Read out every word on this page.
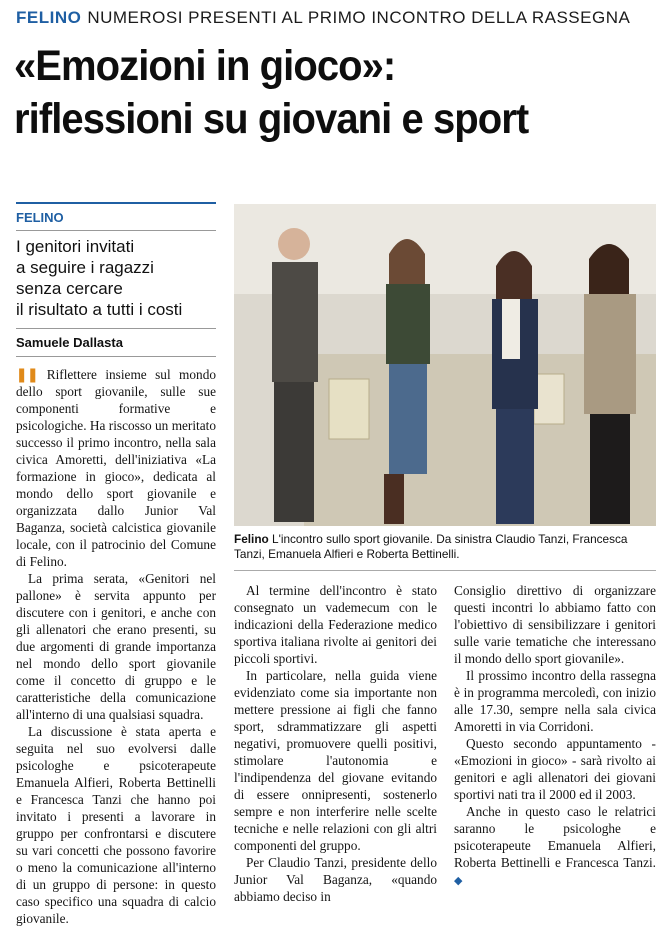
FELINO NUMEROSI PRESENTI AL PRIMO INCONTRO DELLA RASSEGNA
«Emozioni in gioco»:
riflessioni su giovani e sport
FELINO
I genitori invitati
a seguire i ragazzi
senza cercare
il risultato a tutti i costi
Samuele Dallasta

❚❚ Riflettere insieme sul mondo dello sport giovanile, sulle sue componenti formative e psicologiche. Ha riscosso un meritato successo il primo incontro, nella sala civica Amoretti, dell'iniziativa «La formazione in gioco», dedicata al mondo dello sport giovanile e organizzata dallo Junior Val Baganza, società calcistica giovanile locale, con il patrocinio del Comune di Felino.

La prima serata, «Genitori nel pallone» è servita appunto per discutere con i genitori, e anche con gli allenatori che erano presenti, su due argomenti di grande importanza nel mondo dello sport giovanile come il concetto di gruppo e le caratteristiche della comunicazione all'interno di una qualsiasi squadra.

La discussione è stata aperta e seguita nel suo evolversi dalle psicologhe e psicoterapeute Emanuela Alfieri, Roberta Bettinelli e Francesca Tanzi che hanno poi invitato i presenti a lavorare in gruppo per confrontarsi e discutere su vari concetti che possono favorire o meno la comunicazione all'interno di un gruppo di persone: in questo caso specifico una squadra di calcio giovanile.

Felino L'incontro sullo sport giovanile. Da sinistra Claudio Tanzi, Francesca Tanzi, Emanuela Alfieri e Roberta Bettinelli.

Al termine dell'incontro è stato consegnato un vademecum con le indicazioni della Federazione medico sportiva italiana rivolte ai genitori dei piccoli sportivi.

In particolare, nella guida viene evidenziato come sia importante non mettere pressione ai figli che fanno sport, sdrammatizzare gli aspetti negativi, promuovere quelli positivi, stimolare l'autonomia e l'indipendenza del giovane evitando di essere onnipresenti, sostenerlo sempre e non interferire nelle scelte tecniche e nelle relazioni con gli altri componenti del gruppo.

Per Claudio Tanzi, presidente dello Junior Val Baganza, «quando abbiamo deciso in

Consiglio direttivo di organizzare questi incontri lo abbiamo fatto con l'obiettivo di sensibilizzare i genitori sulle varie tematiche che interessano il mondo dello sport giovanile».

Il prossimo incontro della rassegna è in programma mercoledì, con inizio alle 17.30, sempre nella sala civica Amoretti in via Corridoni.

Questo secondo appuntamento - «Emozioni in gioco» - sarà rivolto ai genitori e agli allenatori dei giovani sportivi nati tra il 2000 ed il 2003.

Anche in questo caso le relatrici saranno le psicologhe e psicoterapeute Emanuela Alfieri, Roberta Bettinelli e Francesca Tanzi. ◆
